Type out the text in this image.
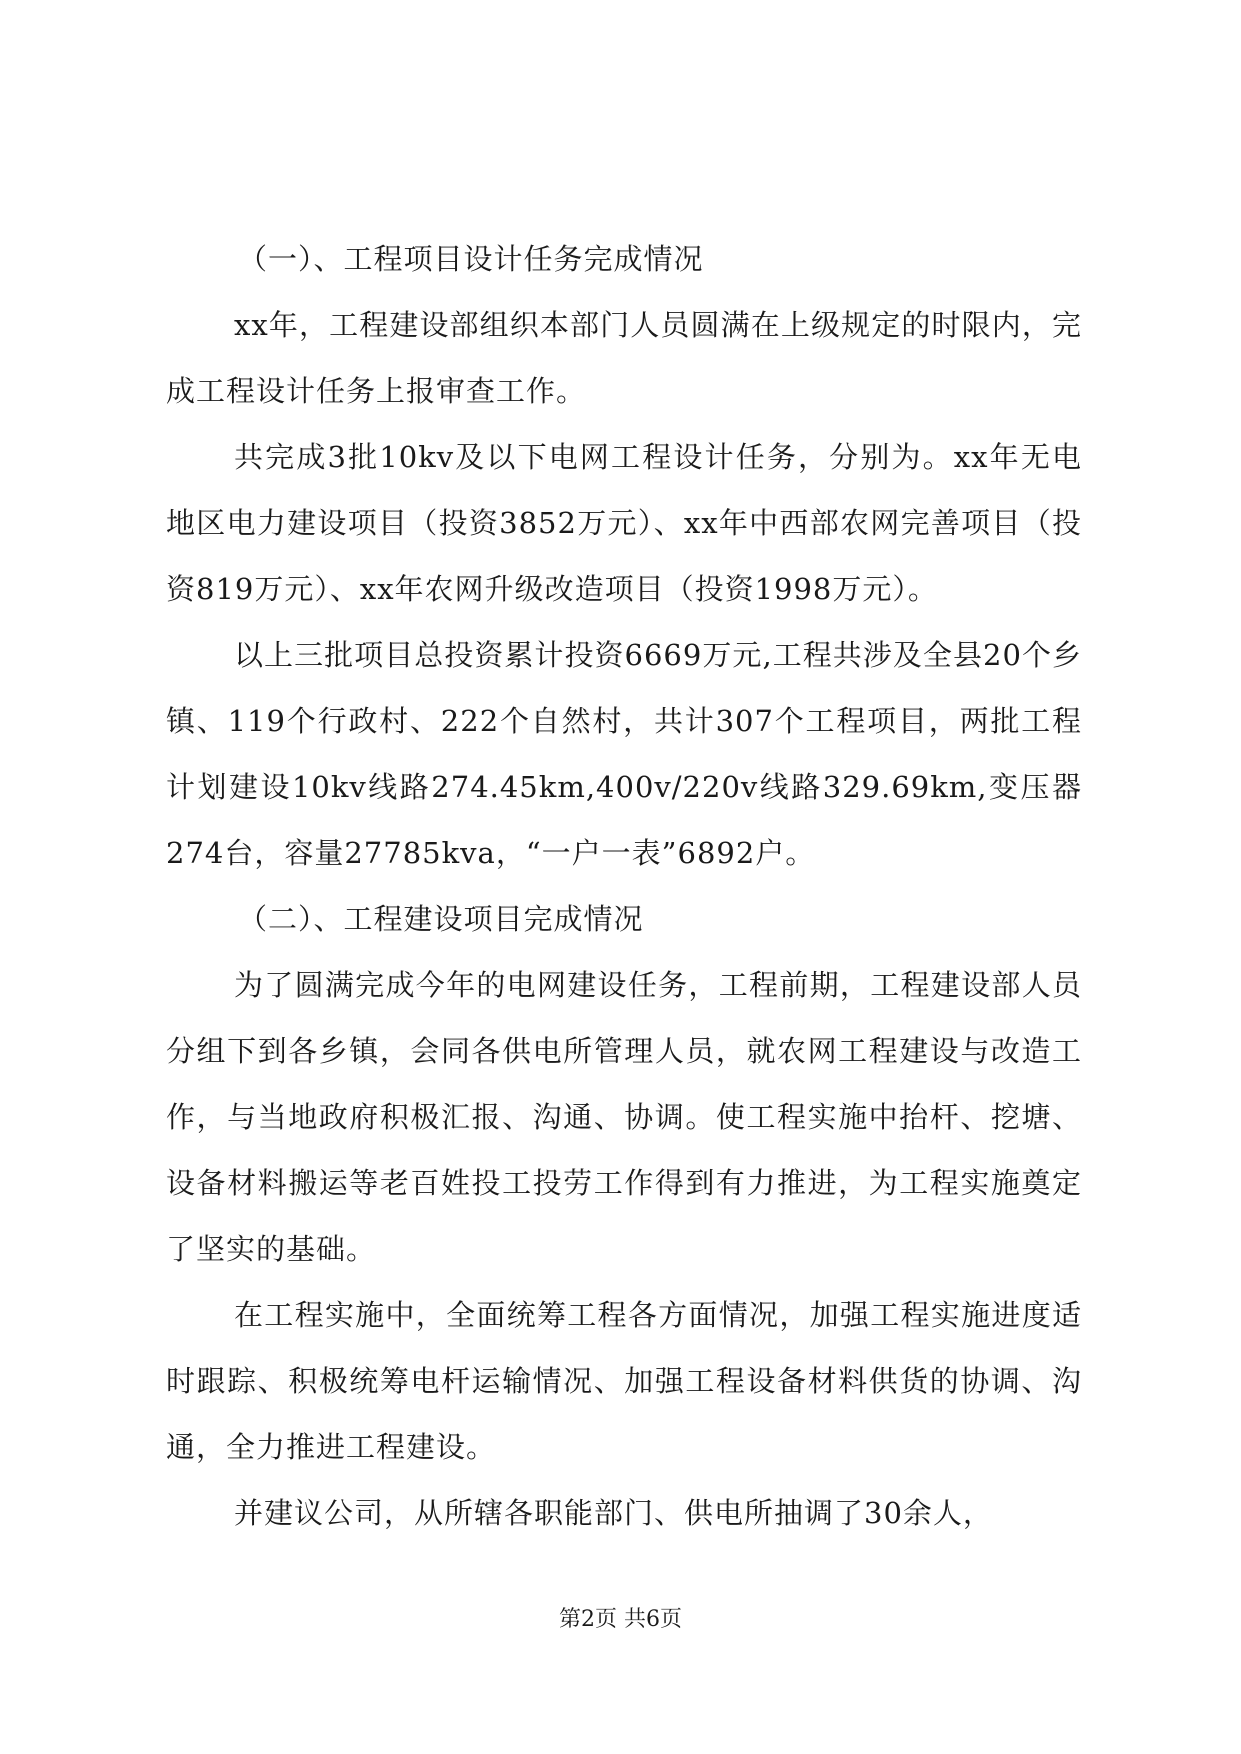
（一）、工程项目设计任务完成情况

xx年，工程建设部组织本部门人员圆满在上级规定的时限内，完成工程设计任务上报审查工作。

共完成3批10kv及以下电网工程设计任务，分别为。xx年无电地区电力建设项目（投资3852万元）、xx年中西部农网完善项目（投资819万元）、xx年农网升级改造项目（投资1998万元）。

以上三批项目总投资累计投资6669万元,工程共涉及全县20个乡镇、119个行政村、222个自然村，共计307个工程项目，两批工程计划建设10kv线路274.45km,400v/220v线路329.69km,变压器274台，容量27785kva，“一户一表”6892户。

（二）、工程建设项目完成情况

为了圆满完成今年的电网建设任务，工程前期，工程建设部人员分组下到各乡镇，会同各供电所管理人员，就农网工程建设与改造工作，与当地政府积极汇报、沟通、协调。使工程实施中抬杆、挖塘、设备材料搬运等老百姓投工投劳工作得到有力推进，为工程实施奠定了坚实的基础。

在工程实施中，全面统筹工程各方面情况，加强工程实施进度适时跟踪、积极统筹电杆运输情况、加强工程设备材料供货的协调、沟通，全力推进工程建设。

并建议公司，从所辖各职能部门、供电所抽调了30余人，

第2页 共6页
